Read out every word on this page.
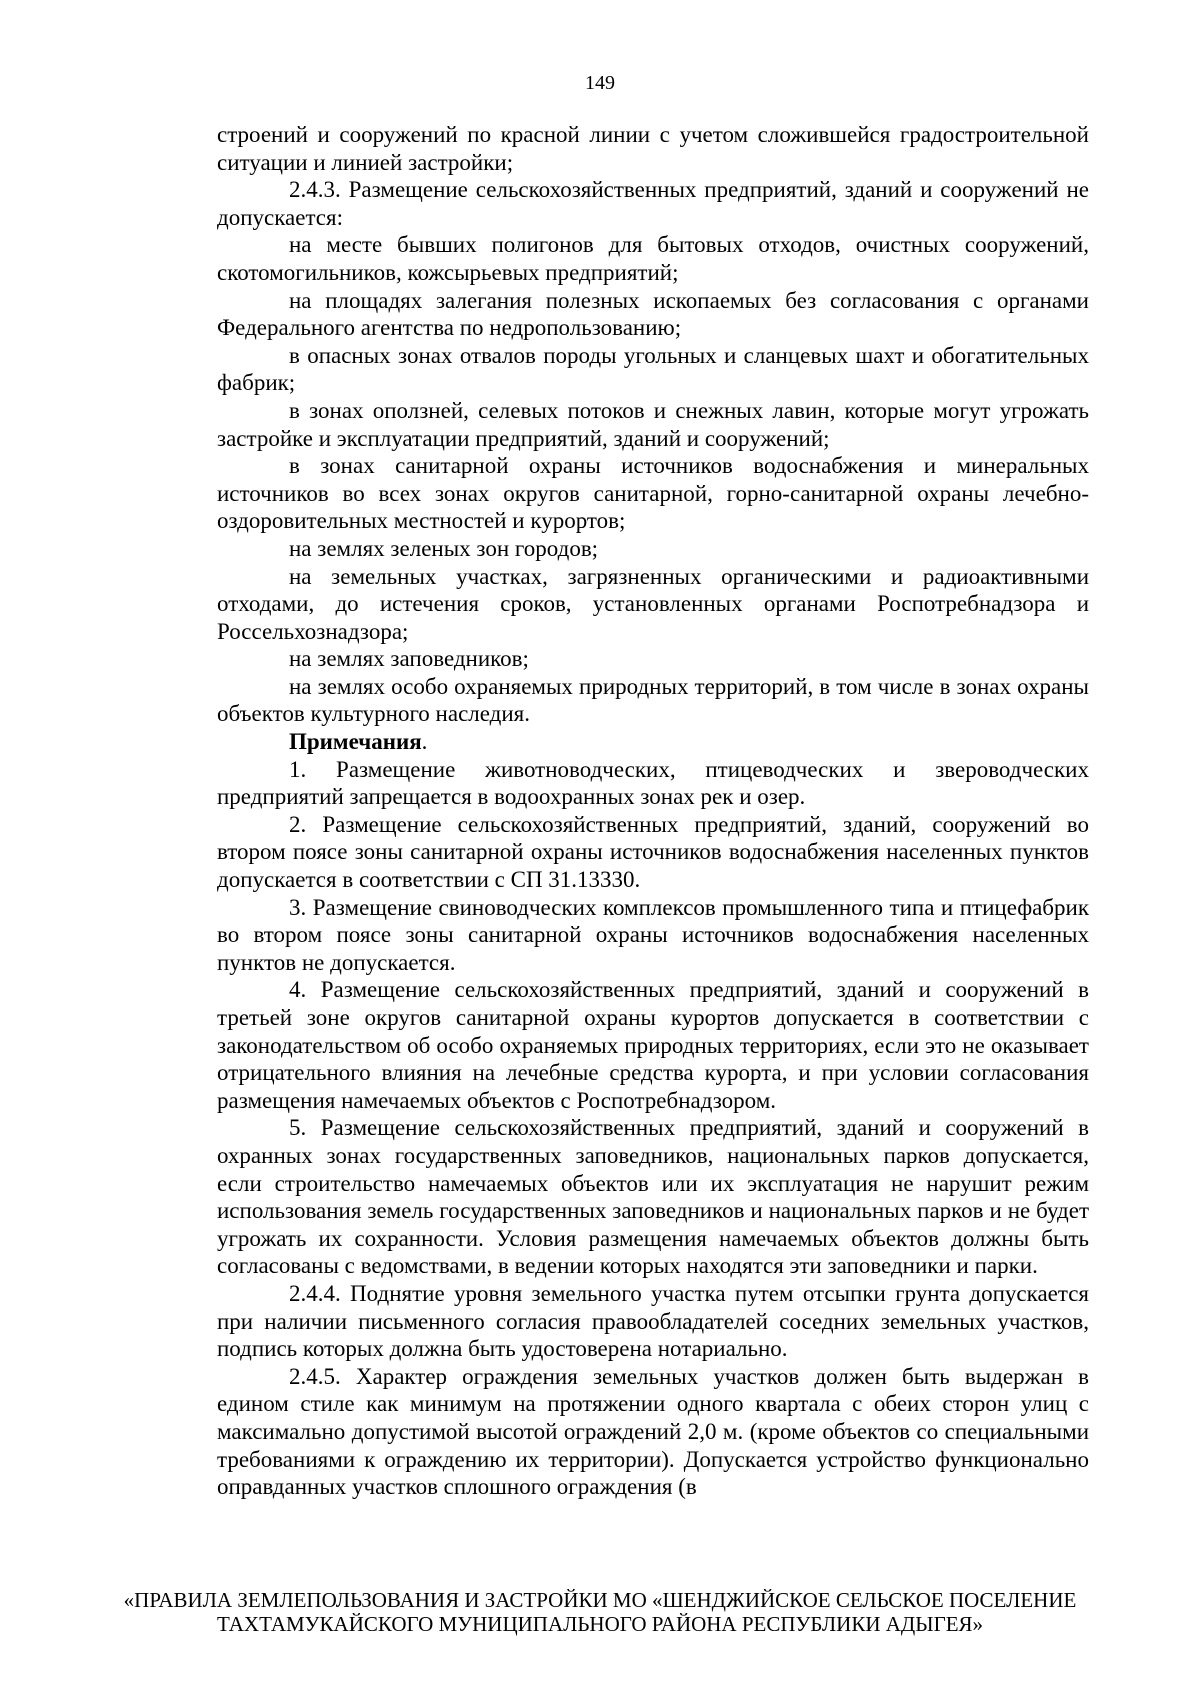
149

строений и сооружений по красной линии с учетом сложившейся градостроительной ситуации и линией застройки;

2.4.3. Размещение сельскохозяйственных предприятий, зданий и сооружений не допускается:

на месте бывших полигонов для бытовых отходов, очистных сооружений, скотомогильников, кожсырьевых предприятий;

на площадях залегания полезных ископаемых без согласования с органами Федерального агентства по недропользованию;

в опасных зонах отвалов породы угольных и сланцевых шахт и обогатительных фабрик;

в зонах оползней, селевых потоков и снежных лавин, которые могут угрожать застройке и эксплуатации предприятий, зданий и сооружений;

в зонах санитарной охраны источников водоснабжения и минеральных источников во всех зонах округов санитарной, горно-санитарной охраны лечебно-оздоровительных местностей и курортов;

на землях зеленых зон городов;

на земельных участках, загрязненных органическими и радиоактивными отходами, до истечения сроков, установленных органами Роспотребнадзора и Россельхознадзора;

на землях заповедников;

на землях особо охраняемых природных территорий, в том числе в зонах охраны объектов культурного наследия.

Примечания.

1. Размещение животноводческих, птицеводческих и звероводческих предприятий запрещается в водоохранных зонах рек и озер.

2. Размещение сельскохозяйственных предприятий, зданий, сооружений во втором поясе зоны санитарной охраны источников водоснабжения населенных пунктов допускается в соответствии с СП 31.13330.

3. Размещение свиноводческих комплексов промышленного типа и птицефабрик во втором поясе зоны санитарной охраны источников водоснабжения населенных пунктов не допускается.

4. Размещение сельскохозяйственных предприятий, зданий и сооружений в третьей зоне округов санитарной охраны курортов допускается в соответствии с законодательством об особо охраняемых природных территориях, если это не оказывает отрицательного влияния на лечебные средства курорта, и при условии согласования размещения намечаемых объектов с Роспотребнадзором.

5. Размещение сельскохозяйственных предприятий, зданий и сооружений в охранных зонах государственных заповедников, национальных парков допускается, если строительство намечаемых объектов или их эксплуатация не нарушит режим использования земель государственных заповедников и национальных парков и не будет угрожать их сохранности. Условия размещения намечаемых объектов должны быть согласованы с ведомствами, в ведении которых находятся эти заповедники и парки.

2.4.4. Поднятие уровня земельного участка путем отсыпки грунта допускается при наличии письменного согласия правообладателей соседних земельных участков, подпись которых должна быть удостоверена нотариально.

2.4.5. Характер ограждения земельных участков должен быть выдержан в едином стиле как минимум на протяжении одного квартала с обеих сторон улиц с максимально допустимой высотой ограждений 2,0 м. (кроме объектов со специальными требованиями к ограждению их территории). Допускается устройство функционально оправданных участков сплошного ограждения (в

«ПРАВИЛА ЗЕМЛЕПОЛЬЗОВАНИЯ И ЗАСТРОЙКИ МО «ШЕНДЖИЙСКОЕ СЕЛЬСКОЕ ПОСЕЛЕНИЕ
ТАХТАМУКАЙСКОГО МУНИЦИПАЛЬНОГО РАЙОНА РЕСПУБЛИКИ АДЫГЕЯ»
